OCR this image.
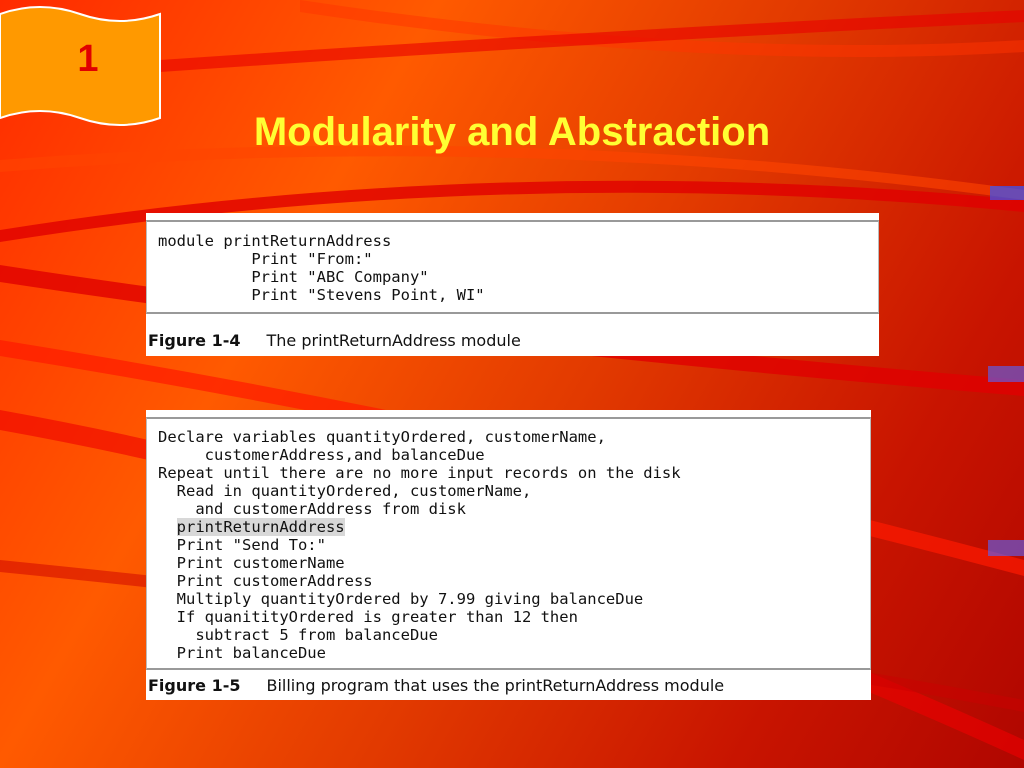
1
Modularity and Abstraction
module printReturnAddress
Print "From:"
Print "ABC Company"
Print "Stevens Point, WI"
Figure 1-4 The printReturnAddress module
Declare variables quantityOrdered, customerName,
customerAddress,and balanceDue
Repeat until there are no more input records on the disk
Read in quantityOrdered, customerName,
and customerAddress from disk
printReturnAddress
Print "Send To:"
Print customerName
Print customerAddress
Multiply quantityOrdered by 7.99 giving balanceDue
If quanitityOrdered is greater than 12 then
subtract 5 from balanceDue
Print balanceDue
Figure 1-5 Billing program that uses the printReturnAddress module
